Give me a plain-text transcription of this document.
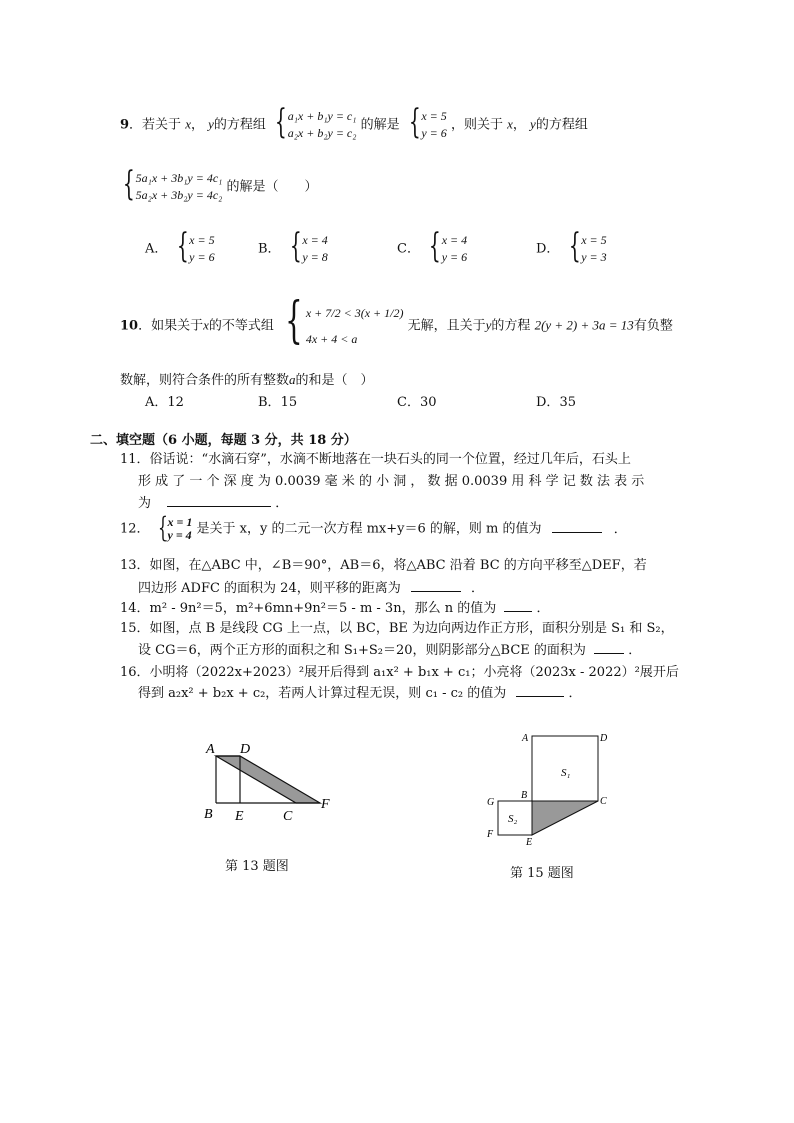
9．若关于 x， y的方程组 { a₁x + b₁y = c₁
a₂x + b₂y = c₂
的解是 { x = 5
y = 6
，则关于 x， y的方程组
{ 5a₁x + 3b₁y = 4c₁
5a₂x + 3b₂y = 4c₂
的解是（　　）
A． { x = 5
y = 6
B． { x = 4
y = 8
C． { x = 4
y = 6
D． { x = 5
y = 3
10．如果关于x的不等式组 { x + 7/2 < 3(x + 1/2)
4x + 4 < a
无解，且关于y的方程 2(y + 2) + 3a = 13有负整
数解，则符合条件的所有整数a的和是（　）
A．12	B．15	C．30	D．35
二、填空题（6 小题，每题 3 分，共 18 分）
11．俗话说：“水滴石穿”，水滴不断地落在一块石头的同一个位置，经过几年后，石头上
形 成 了 一 个 深 度 为 0.0039 毫 米 的 小 洞 ， 数 据 0.0039 用 科 学 记 数 法 表 示
为	．
12． { x = 1
y = 4 是关于 x，y 的二元一次方程 mx+y＝6 的解，则 m 的值为	．
13．如图，在△ABC 中，∠B＝90°，AB＝6，将△ABC 沿着 BC 的方向平移至△DEF，若
四边形 ADFC 的面积为 24，则平移的距离为	．
14．m² - 9n²＝5，m²+6mn+9n²＝5 - m - 3n，那么 n 的值为	．
15．如图，点 B 是线段 CG 上一点，以 BC，BE 为边向两边作正方形，面积分别是 S₁ 和 S₂，
设 CG＝6，两个正方形的面积之和 S₁+S₂＝20，则阴影部分△BCE 的面积为	．
16．小明将（2022x+2023）²展开后得到 a₁x² + b₁x + c₁；小亮将（2023x - 2022）²展开后
得到 a₂x² + b₂x + c₂，若两人计算过程无误，则 c₁ - c₂ 的值为	．
A D
B E	C
F
第 13 题图
A	D
S₁
G
B
C
S₂
F
E
第 15 题图
